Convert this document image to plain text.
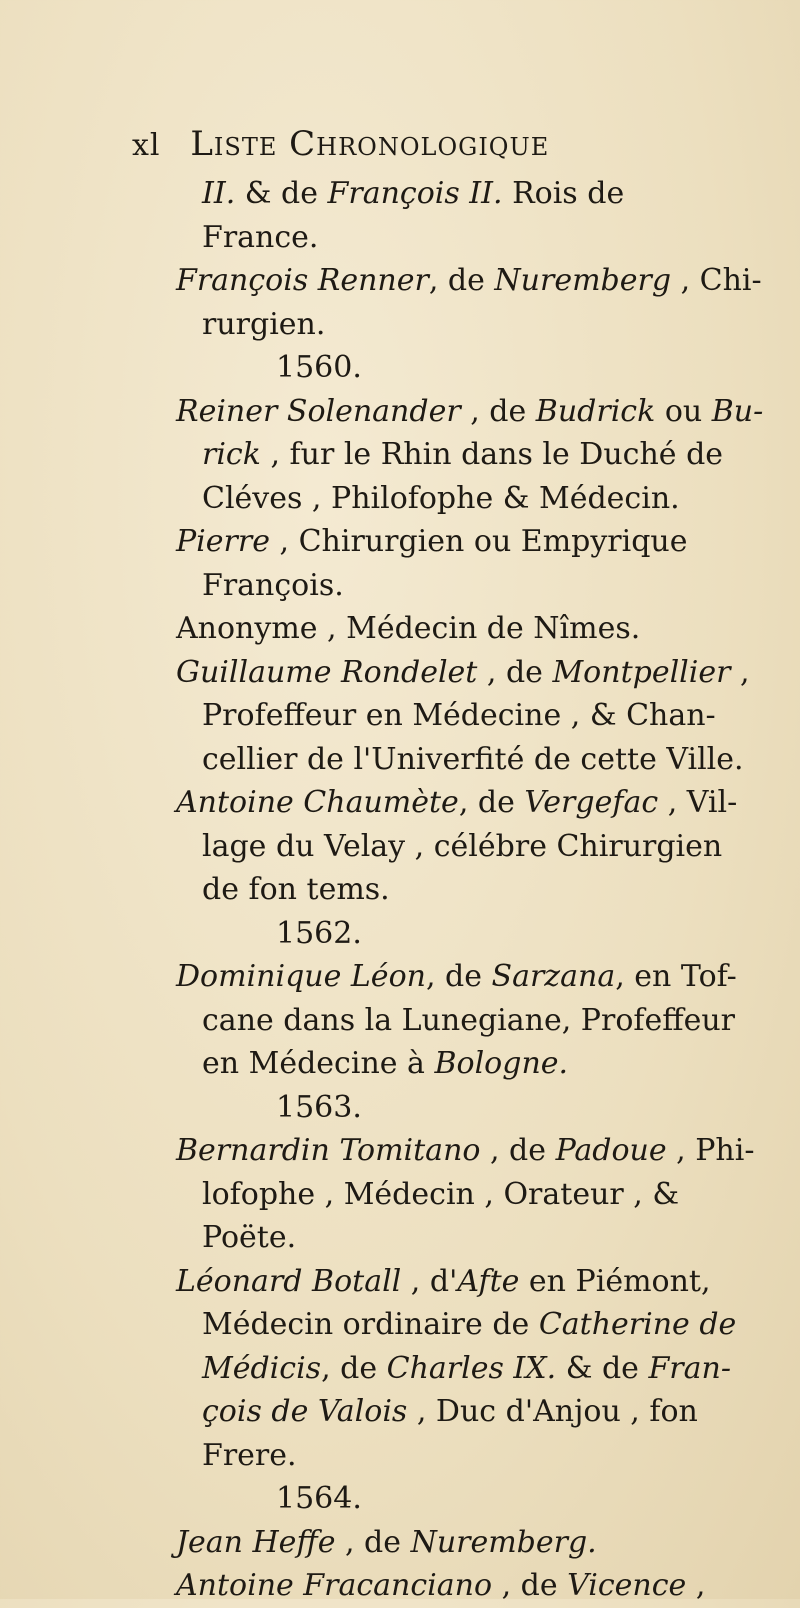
xl Liste Chronologique
II. & de François II. Rois de
France.
François Renner, de Nuremberg , Chi-
rurgien.
1560.
Reiner Solenander , de Budrick ou Bu-
rick , fur le Rhin dans le Duché de
Cléves , Philofophe & Médecin.
Pierre , Chirurgien ou Empyrique
François.
Anonyme , Médecin de Nîmes.
Guillaume Rondelet , de Montpellier ,
Profeffeur en Médecine , & Chan-
cellier de l'Univerfité de cette Ville.
Antoine Chaumète, de Vergefac , Vil-
lage du Velay , célébre Chirurgien
de fon tems.
1562.
Dominique Léon, de Sarzana, en Tof-
cane dans la Lunegiane, Profeffeur
en Médecine à Bologne.
1563.
Bernardin Tomitano , de Padoue , Phi-
lofophe , Médecin , Orateur , &
Poëte.
Léonard Botall , d'Afte en Piémont,
Médecin ordinaire de Catherine de
Médicis, de Charles IX. & de Fran-
çois de Valois , Duc d'Anjou , fon
Frere.
1564.
Jean Heffe , de Nuremberg.
Antoine Fracanciano , de Vicence ,
